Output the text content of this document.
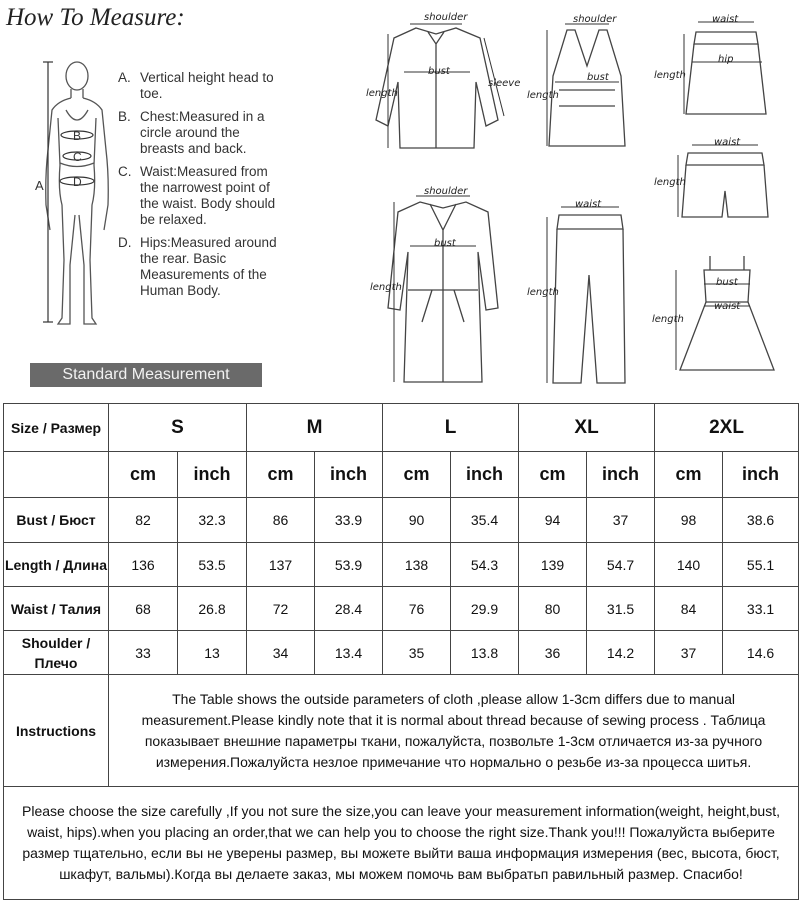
How To Measure:
A
B
C
D
A. Vertical height head to toe.
B. Chest:Measured in a circle around the breasts and back.
C. Waist:Measured from the narrowest point of the waist. Body should be relaxed.
D. Hips:Measured around the rear. Basic Measurements of the Human Body.
Standard Measurement
shoulder
bust
sleeve
length
shoulder
bust
length
waist
hip
length
waist
length
shoulder
bust
length
waist
length
bust
waist
length
Size / Размер	S		M		L		XL		2XL	
	cm	inch	cm	inch	cm	inch	cm	inch	cm	inch
Bust / Бюст	82	32.3	86	33.9	90	35.4	94	37	98	38.6
Length / Длина	136	53.5	137	53.9	138	54.3	139	54.7	140	55.1
Waist / Талия	68	26.8	72	28.4	76	29.9	80	31.5	84	33.1
Shoulder / Плечо	33	13	34	13.4	35	13.8	36	14.2	37	14.6
Instructions	The Table shows the outside parameters of cloth ,please allow 1-3cm differs due to manual measurement.Please kindly note that it is normal about thread because of sewing process . Таблица показывает внешние параметры ткани, пожалуйста, позвольте 1-3см отличается из-за ручного измерения.Пожалуйста незлое примечание что нормально о резьбе из-за процесса шитья.									
Please choose the size carefully ,If you not sure the size,you can leave your measurement information(weight, height,bust, waist, hips).when you placing an order,that we can help you to choose the right size.Thank you!!! Пожалуйста выберите размер тщательно, если вы не уверены размер, вы можете выйти ваша информация измерения (вес, высота, бюст, шкафут, вальмы).Когда вы делаете заказ, мы можем помочь вам выбратьп равильный размер. Спасибо!										
